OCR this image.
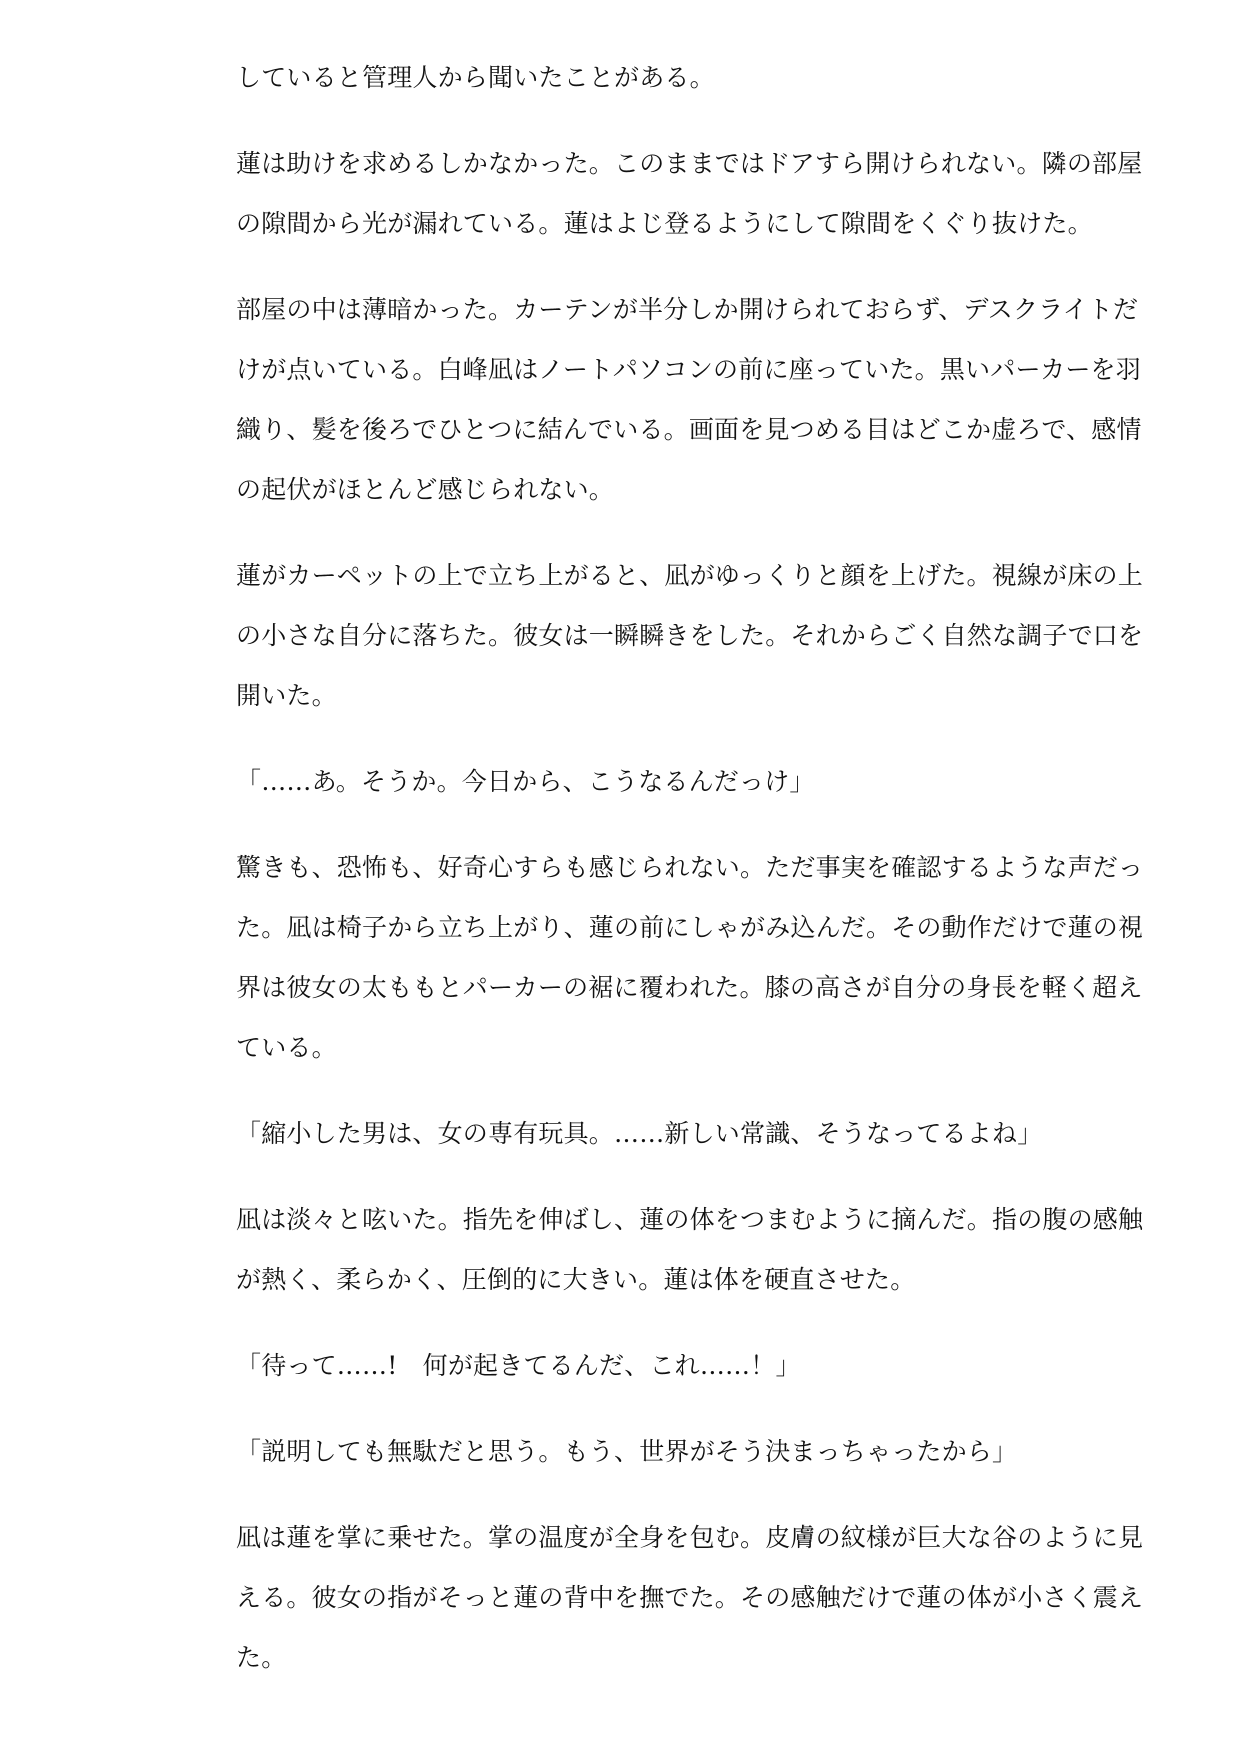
していると管理人から聞いたことがある。

蓮は助けを求めるしかなかった。このままではドアすら開けられない。隣の部屋

の隙間から光が漏れている。蓮はよじ登るようにして隙間をくぐり抜けた。

部屋の中は薄暗かった。カーテンが半分しか開けられておらず、デスクライトだ

けが点いている。白峰凪はノートパソコンの前に座っていた。黒いパーカーを羽

織り、髪を後ろでひとつに結んでいる。画面を見つめる目はどこか虚ろで、感情

の起伏がほとんど感じられない。

蓮がカーペットの上で立ち上がると、凪がゆっくりと顔を上げた。視線が床の上

の小さな自分に落ちた。彼女は一瞬瞬きをした。それからごく自然な調子で口を

開いた。

「……あ。そうか。今日から、こうなるんだっけ」

驚きも、恐怖も、好奇心すらも感じられない。ただ事実を確認するような声だっ

た。凪は椅子から立ち上がり、蓮の前にしゃがみ込んだ。その動作だけで蓮の視

界は彼女の太ももとパーカーの裾に覆われた。膝の高さが自分の身長を軽く超え

ている。

「縮小した男は、女の専有玩具。……新しい常識、そうなってるよね」

凪は淡々と呟いた。指先を伸ばし、蓮の体をつまむように摘んだ。指の腹の感触

が熱く、柔らかく、圧倒的に大きい。蓮は体を硬直させた。

「待って……!　何が起きてるんだ、これ……！」

「説明しても無駄だと思う。もう、世界がそう決まっちゃったから」

凪は蓮を掌に乗せた。掌の温度が全身を包む。皮膚の紋様が巨大な谷のように見

える。彼女の指がそっと蓮の背中を撫でた。その感触だけで蓮の体が小さく震え

た。
